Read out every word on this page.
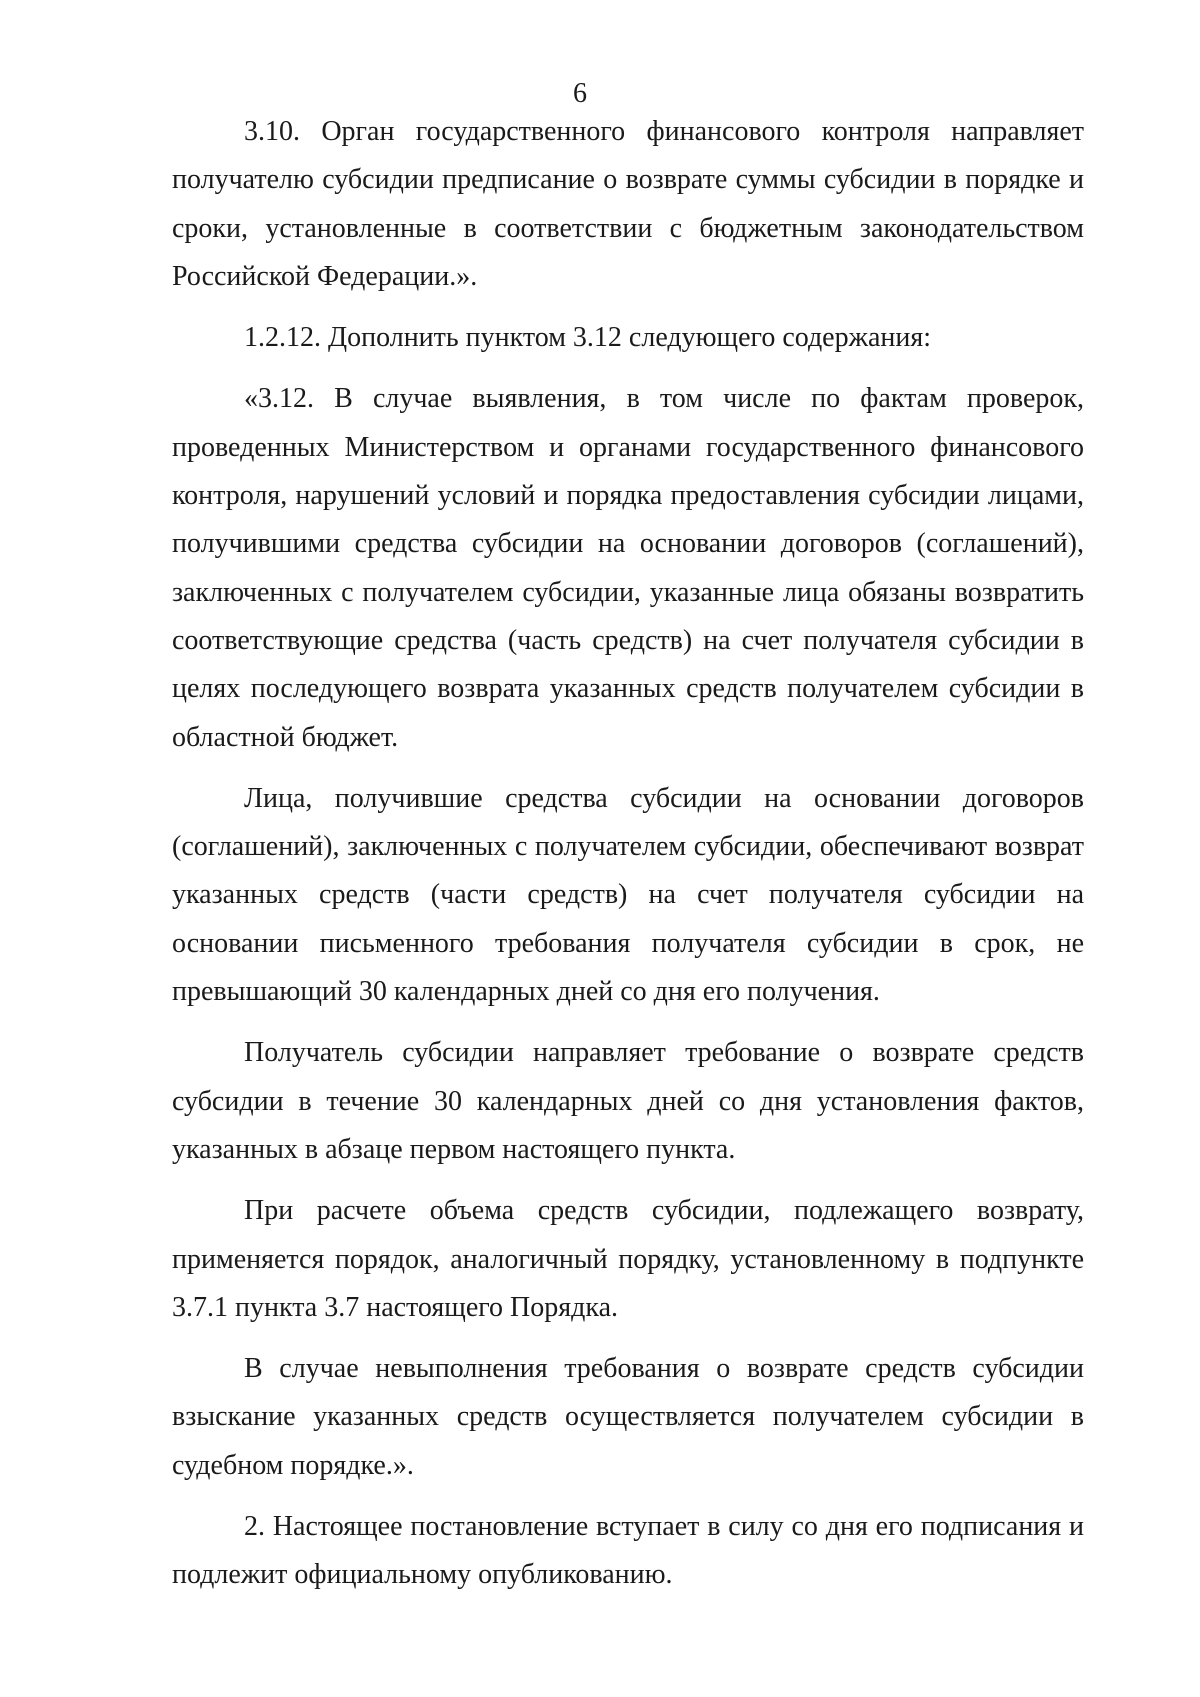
6

3.10. Орган государственного финансового контроля направляет получателю субсидии предписание о возврате суммы субсидии в порядке и сроки, установленные в соответствии с бюджетным законодательством Российской Федерации.».

1.2.12. Дополнить пунктом 3.12 следующего содержания:

«3.12. В случае выявления, в том числе по фактам проверок, проведенных Министерством и органами государственного финансового контроля, нарушений условий и порядка предоставления субсидии лицами, получившими средства субсидии на основании договоров (соглашений), заключенных с получателем субсидии, указанные лица обязаны возвратить соответствующие средства (часть средств) на счет получателя субсидии в целях последующего возврата указанных средств получателем субсидии в областной бюджет.

Лица, получившие средства субсидии на основании договоров (соглашений), заключенных с получателем субсидии, обеспечивают возврат указанных средств (части средств) на счет получателя субсидии на основании письменного требования получателя субсидии в срок, не превышающий 30 календарных дней со дня его получения.

Получатель субсидии направляет требование о возврате средств субсидии в течение 30 календарных дней со дня установления фактов, указанных в абзаце первом настоящего пункта.

При расчете объема средств субсидии, подлежащего возврату, применяется порядок, аналогичный порядку, установленному в подпункте 3.7.1 пункта 3.7 настоящего Порядка.

В случае невыполнения требования о возврате средств субсидии взыскание указанных средств осуществляется получателем субсидии в судебном порядке.».

2. Настоящее постановление вступает в силу со дня его подписания и подлежит официальному опубликованию.
